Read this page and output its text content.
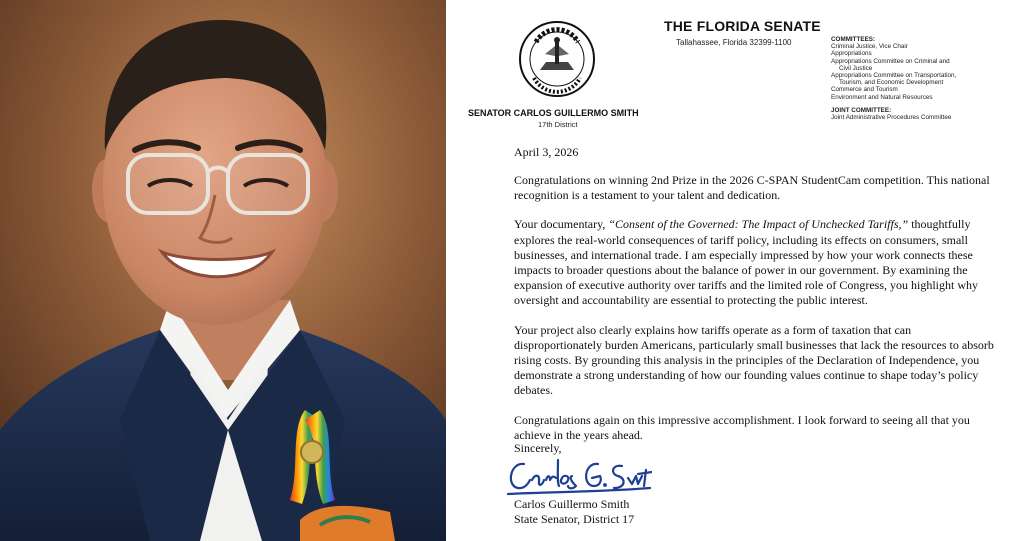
THE FLORIDA SENATE
Tallahassee, Florida 32399-1100
SENATOR CARLOS GUILLERMO SMITH
17th District
COMMITTEES:
Criminal Justice, Vice Chair
Appropriations
Appropriations Committee on Criminal and
Civil Justice
Appropriations Committee on Transportation,
Tourism, and Economic Development
Commerce and Tourism
Environment and Natural Resources
JOINT COMMITTEE:
Joint Administrative Procedures Committee
April 3, 2026

Congratulations on winning 2nd Prize in the 2026 C-SPAN StudentCam competition. This national recognition is a testament to your talent and dedication.

Your documentary, “Consent of the Governed: The Impact of Unchecked Tariffs,” thoughtfully explores the real-world consequences of tariff policy, including its effects on consumers, small businesses, and international trade. I am especially impressed by how your work connects these impacts to broader questions about the balance of power in our government. By examining the expansion of executive authority over tariffs and the limited role of Congress, you highlight why oversight and accountability are essential to protecting the public interest.

Your project also clearly explains how tariffs operate as a form of taxation that can disproportionately burden Americans, particularly small businesses that lack the resources to absorb rising costs. By grounding this analysis in the principles of the Declaration of Independence, you demonstrate a strong understanding of how our founding values continue to shape today’s policy debates.

Congratulations again on this impressive accomplishment. I look forward to seeing all that you achieve in the years ahead.

Sincerely,
Carlos Guillermo Smith
State Senator, District 17
